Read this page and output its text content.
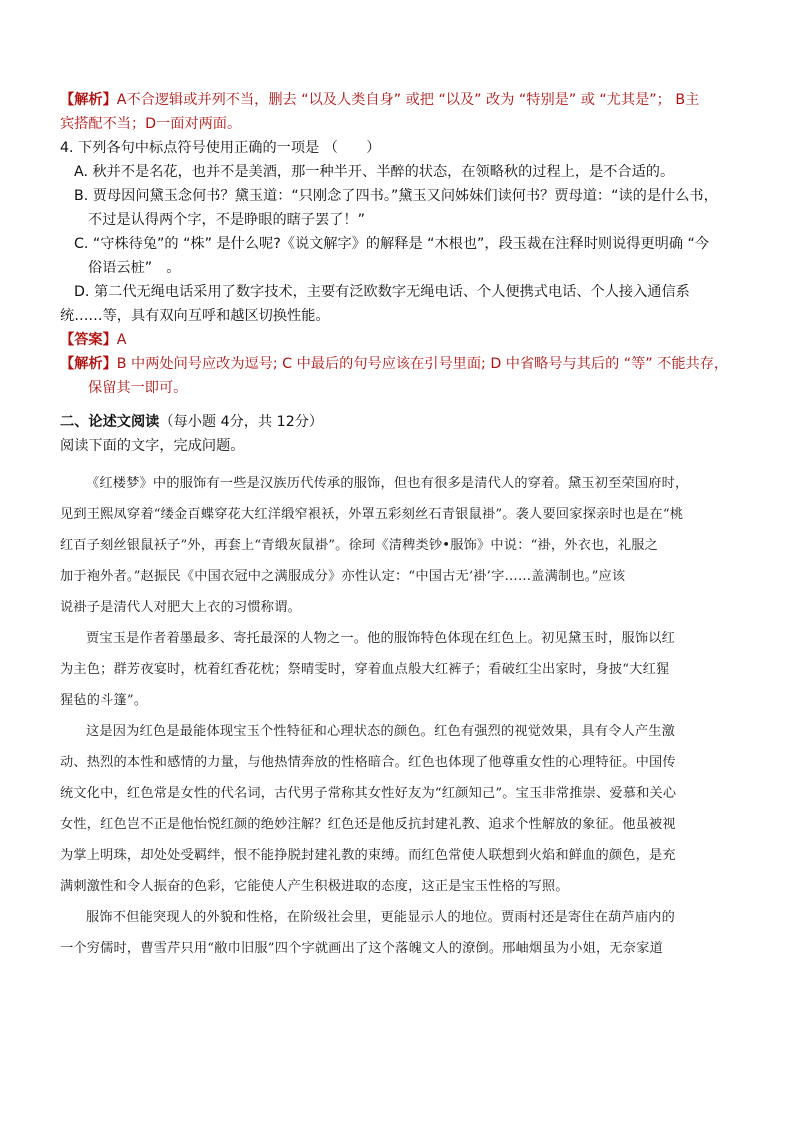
【解析】A不合逻辑或并列不当，删去 “以及人类自身” 或把 “以及” 改为 “特别是” 或 “尤其是”； B主
宾搭配不当；D一面对两面。
4. 下列各句中标点符号使用正确的一项是 （　　）
A. 秋并不是名花，也并不是美酒，那一种半开、半醉的状态，在领略秋的过程上，是不合适的。
B. 贾母因问黛玉念何书？黛玉道：“只刚念了四书。”黛玉又问姊妹们读何书？贾母道：“读的是什么书，
不过是认得两个字，不是睁眼的瞎子罢了！”
C. “守株待兔”的 “株” 是什么呢?《说文解字》的解释是 “木根也”，段玉裁在注释时则说得更明确 “今
俗语云桩”　。
D. 第二代无绳电话采用了数字技术，主要有泛欧数字无绳电话、个人便携式电话、个人接入通信系
统……等，具有双向互呼和越区切换性能。
【答案】A
【解析】B 中两处问号应改为逗号; C 中最后的句号应该在引号里面; D 中省略号与其后的 “等” 不能共存，
保留其一即可。
二、论述文阅读（每小题 4分，共 12分）
阅读下面的文字，完成问题。
《红楼梦》中的服饰有一些是汉族历代传承的服饰，但也有很多是清代人的穿着。黛玉初至荣国府时，
见到王熙凤穿着“缕金百蝶穿花大红洋缎窄裉袄，外罩五彩刻丝石青银鼠褂”。袭人要回家探亲时也是在“桃
红百子刻丝银鼠袄子”外，再套上“青缎灰鼠褂”。徐珂《清稗类钞•服饰》中说：“褂，外衣也，礼服之
加于袍外者。”赵振民《中国衣冠中之满服成分》亦性认定：“中国古无‘褂’字……盖满制也。”应该
说褂子是清代人对肥大上衣的习惯称谓。
贾宝玉是作者着墨最多、寄托最深的人物之一。他的服饰特色体现在红色上。初见黛玉时，服饰以红
为主色；群芳夜宴时，枕着红香花枕；祭晴雯时，穿着血点般大红裤子；看破红尘出家时，身披“大红猩
猩毡的斗篷”。
这是因为红色是最能体现宝玉个性特征和心理状态的颜色。红色有强烈的视觉效果，具有令人产生激
动、热烈的本性和感情的力量，与他热情奔放的性格暗合。红色也体现了他尊重女性的心理特征。中国传
统文化中，红色常是女性的代名词，古代男子常称其女性好友为“红颜知己”。宝玉非常推崇、爱慕和关心
女性，红色岂不正是他怡悦红颜的绝妙注解？红色还是他反抗封建礼教、追求个性解放的象征。他虽被视
为掌上明珠，却处处受羁绊，恨不能挣脱封建礼教的束缚。而红色常使人联想到火焰和鲜血的颜色，是充
满刺激性和令人振奋的色彩，它能使人产生积极进取的态度，这正是宝玉性格的写照。
服饰不但能突现人的外貌和性格，在阶级社会里，更能显示人的地位。贾雨村还是寄住在葫芦庙内的
一个穷儒时，曹雪芹只用“敝巾旧服”四个字就画出了这个落魄文人的潦倒。邢岫烟虽为小姐，无奈家道
